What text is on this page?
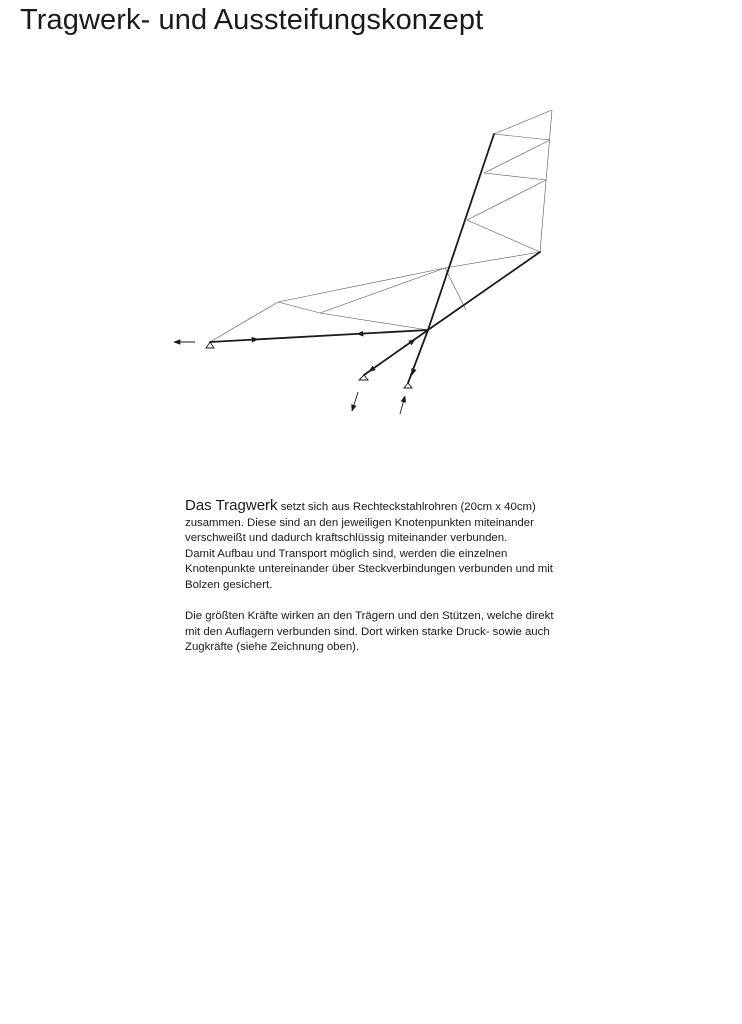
Tragwerk- und Aussteifungskonzept

Das Tragwerk setzt sich aus Rechteckstahlrohren (20cm x 40cm) zusammen. Diese sind an den jeweiligen Knotenpunkten miteinander verschweißt und dadurch kraftschlüssig miteinander verbunden.

Damit Aufbau und Transport möglich sind, werden die einzelnen Knotenpunkte untereinander über Steckverbindungen verbunden und mit Bolzen gesichert.

Die größten Kräfte wirken an den Trägern und den Stützen, welche direkt mit den Auflagern verbunden sind. Dort wirken starke Druck- sowie auch Zugkräfte (siehe Zeichnung oben).
